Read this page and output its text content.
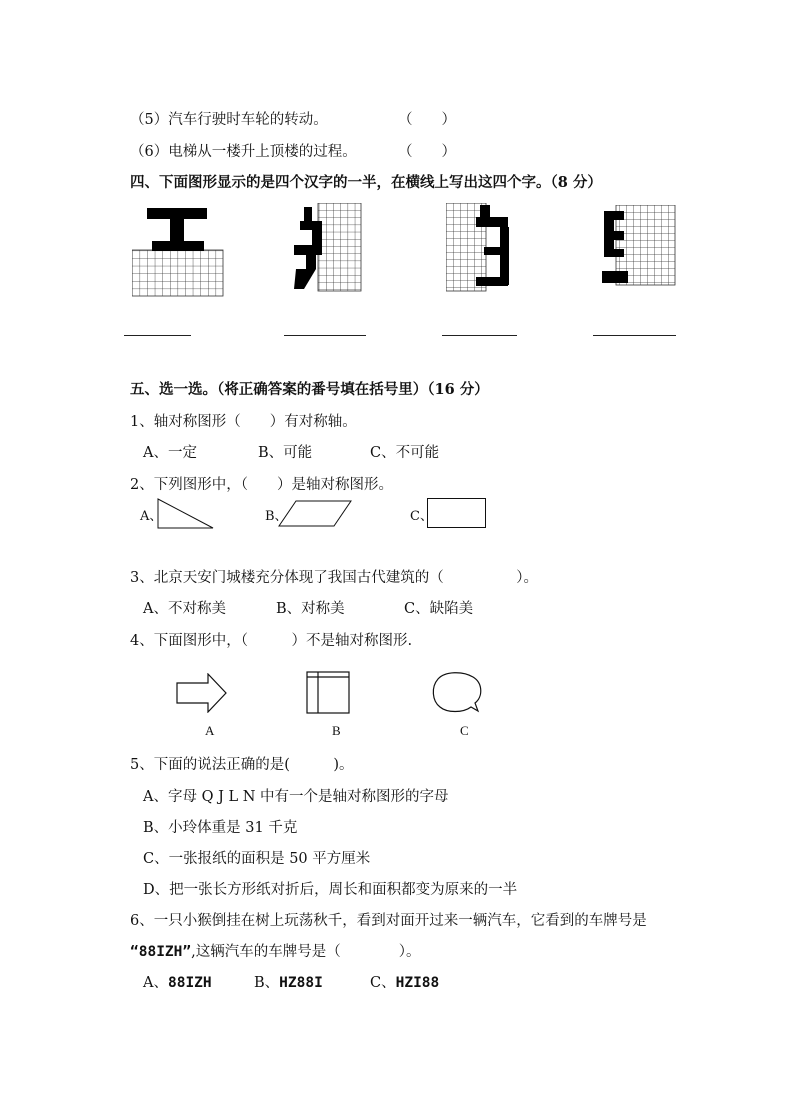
（5）汽车行驶时车轮的转动。	（　　）
（6）电梯从一楼升上顶楼的过程。	（　　）
四、下面图形显示的是四个汉字的一半，在横线上写出这四个字。（8 分）
五、选一选。（将正确答案的番号填在括号里）（16 分）
1、轴对称图形（　　）有对称轴。
A、一定	B、可能	C、不可能
2、下列图形中，（　　）是轴对称图形。
A、	B、	C、
3、北京天安门城楼充分体现了我国古代建筑的（　　　　　）。
A、不对称美	B、对称美	C、缺陷美
4、下面图形中，（　　　）不是轴对称图形.
A	B	C
5、下面的说法正确的是(　　　)。
A、字母 Q J L N 中有一个是轴对称图形的字母
B、小玲体重是 31 千克
C、一张报纸的面积是 50 平方厘米
D、把一张长方形纸对折后，周长和面积都变为原来的一半
6、一只小猴倒挂在树上玩荡秋千，看到对面开过来一辆汽车，它看到的车牌号是
“88IZH”,这辆汽车的车牌号是（　　　　）。
A、88IZH	B、HZ88I	C、HZI88
